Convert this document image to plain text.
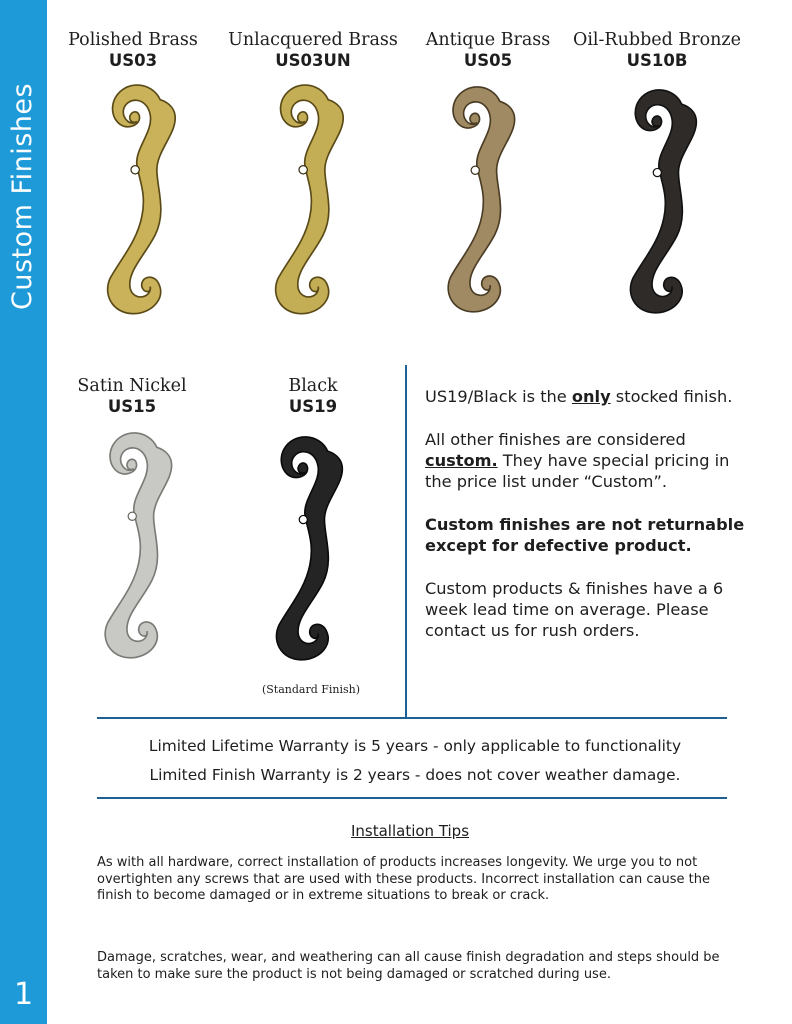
Custom Finishes
1
Polished Brass
US03
Unlacquered Brass
US03UN
Antique Brass
US05
Oil-Rubbed Bronze
US10B
Satin Nickel
US15
Black
US19
(Standard Finish)

US19/Black is the only stocked finish.

All other finishes are considered custom. They have special pricing in the price list under “Custom”.

Custom finishes are not returnable except for defective product.

Custom products & finishes have a 6 week lead time on average. Please contact us for rush orders.

Limited Lifetime Warranty is 5 years - only applicable to functionality
Limited Finish Warranty is 2 years - does not cover weather damage.
Installation Tips
As with all hardware, correct installation of products increases longevity. We urge you to not overtighten any screws that are used with these products. Incorrect installation can cause the finish to become damaged or in extreme situations to break or crack.
Damage, scratches, wear, and weathering can all cause finish degradation and steps should be taken to make sure the product is not being damaged or scratched during use.
